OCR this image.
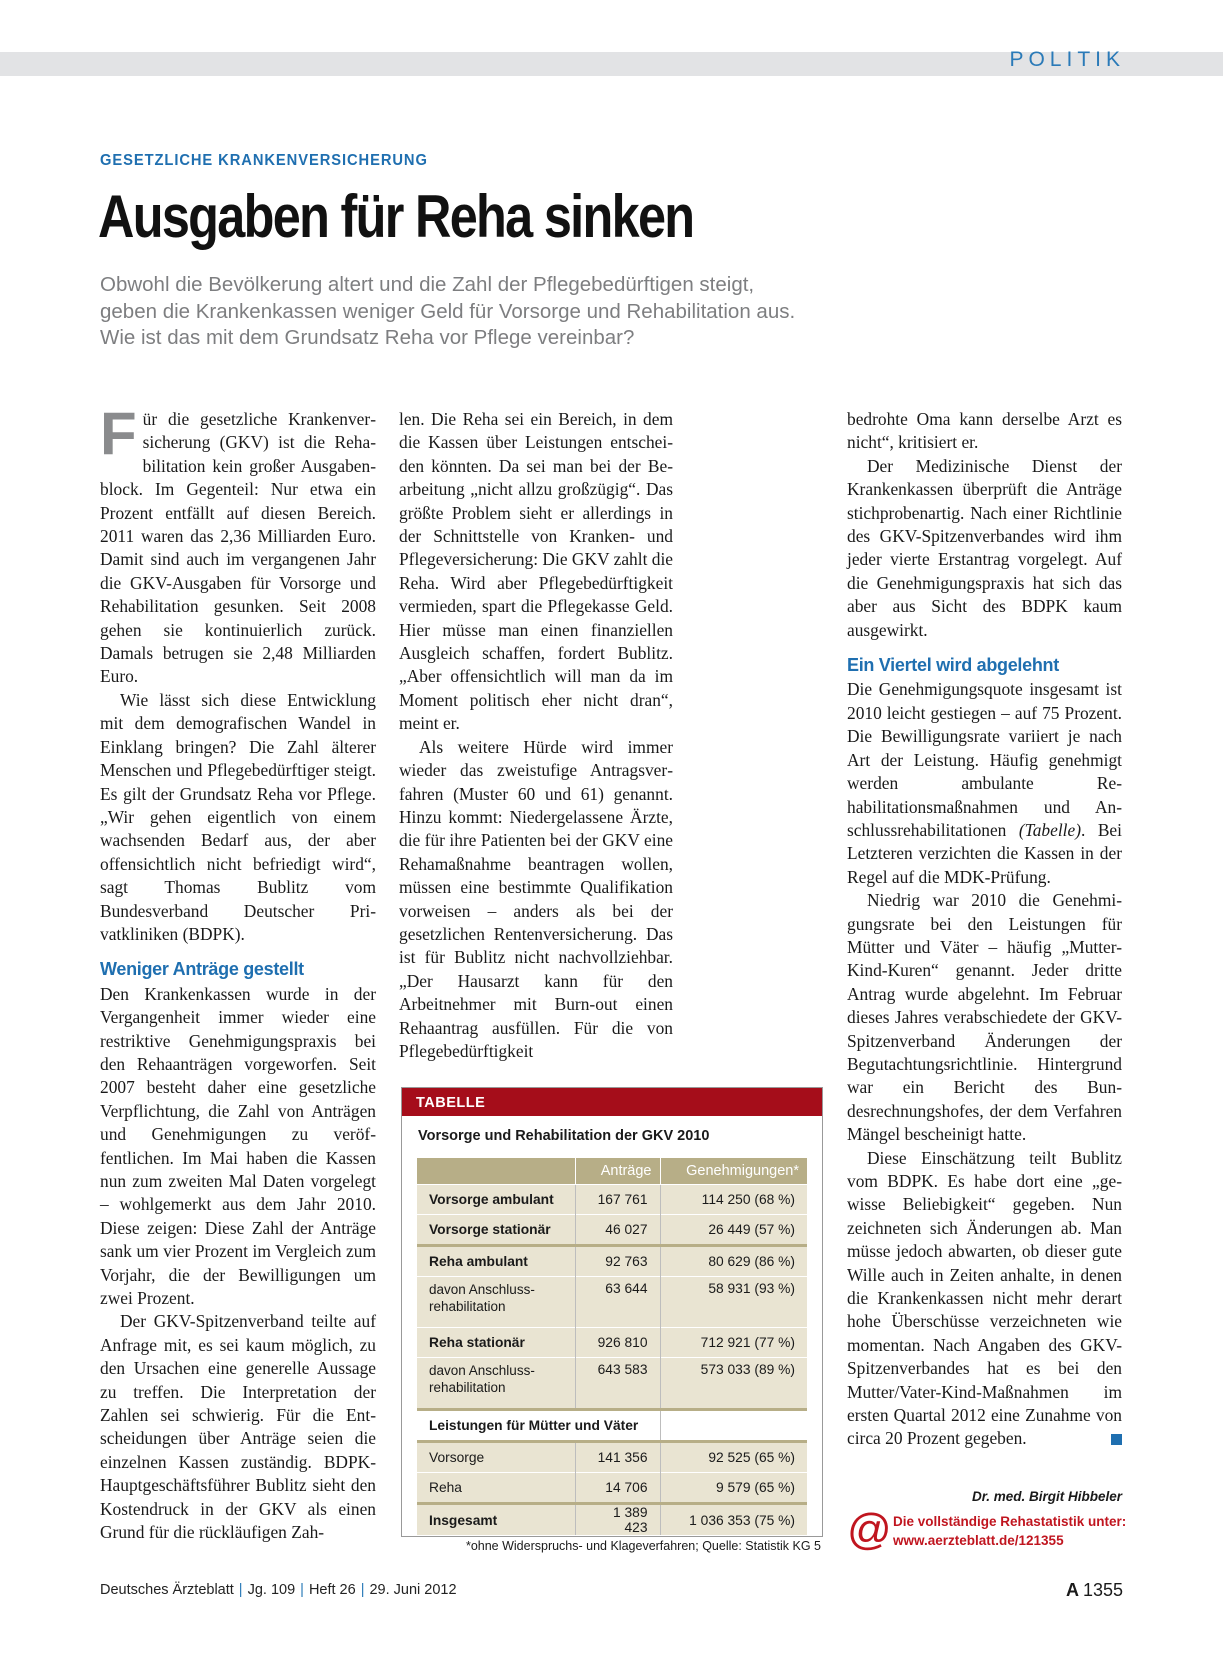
POLITIK
GESETZLICHE KRANKENVERSICHERUNG
Ausgaben für Reha sinken
Obwohl die Bevölkerung altert und die Zahl der Pflegebedürftigen steigt,
geben die Krankenkassen weniger Geld für Vorsorge und Rehabilitation aus.
Wie ist das mit dem Grundsatz Reha vor Pflege vereinbar?

Für die gesetzliche Krankenversicherung (GKV) ist die Rehabilitation kein großer Ausgabenblock. Im Gegenteil: Nur etwa ein Prozent entfällt auf diesen Bereich. 2011 waren das 2,36 Milliarden Euro. Damit sind auch im vergangenen Jahr die GKV-Ausgaben für Vorsorge und Rehabilitation gesunken. Seit 2008 gehen sie kontinuierlich zurück. Damals betrugen sie 2,48 Milliarden Euro.

Wie lässt sich diese Entwicklung mit dem demografischen Wandel in Einklang bringen? Die Zahl älterer Menschen und Pflegebedürftiger steigt. Es gilt der Grundsatz Reha vor Pflege. „Wir gehen eigentlich von einem wachsenden Bedarf aus, der aber offensichtlich nicht befriedigt wird“, sagt Thomas Bublitz vom Bundesverband Deutscher Privatkliniken (BDPK).

Weniger Anträge gestellt

Den Krankenkassen wurde in der Vergangenheit immer wieder eine restriktive Genehmigungspraxis bei den Rehaanträgen vorgeworfen. Seit 2007 besteht daher eine gesetzliche Verpflichtung, die Zahl von Anträgen und Genehmigungen zu veröffentlichen. Im Mai haben die Kassen nun zum zweiten Mal Daten vorgelegt – wohlgemerkt aus dem Jahr 2010. Diese zeigen: Diese Zahl der Anträge sank um vier Prozent im Vergleich zum Vorjahr, die der Bewilligungen um zwei Prozent.

Der GKV-Spitzenverband teilte auf Anfrage mit, es sei kaum möglich, zu den Ursachen eine generelle Aussage zu treffen. Die Interpretation der Zahlen sei schwierig. Für die Entscheidungen über Anträge seien die einzelnen Kassen zuständig. BDPK-Hauptgeschäftsführer Bublitz sieht den Kostendruck in der GKV als einen Grund für die rückläufigen Zah-

len. Die Reha sei ein Bereich, in dem die Kassen über Leistungen entscheiden könnten. Da sei man bei der Bearbeitung „nicht allzu großzügig“. Das größte Problem sieht er allerdings in der Schnittstelle von Kranken- und Pflegeversicherung: Die GKV zahlt die Reha. Wird aber Pflegebedürftigkeit vermieden, spart die Pflegekasse Geld. Hier müsse man einen finanziellen Ausgleich schaffen, fordert Bublitz. „Aber offensichtlich will man da im Moment politisch eher nicht dran“, meint er.

Als weitere Hürde wird immer wieder das zweistufige Antragsverfahren (Muster 60 und 61) genannt. Hinzu kommt: Niedergelassene Ärzte, die für ihre Patienten bei der GKV eine Rehamaßnahme beantragen wollen, müssen eine bestimmte Qualifikation vorweisen – anders als bei der gesetzlichen Rentenversicherung. Das ist für Bublitz nicht nachvollziehbar. „Der Hausarzt kann für den Arbeitnehmer mit Burn-out einen Rehaantrag ausfüllen. Für die von Pflegebedürftigkeit

TABELLE
Vorsorge und Rehabilitation der GKV 2010
	Anträge	Genehmigungen*
Vorsorge ambulant	167 761	114 250 (68 %)
Vorsorge stationär	46 027	26 449 (57 %)
Reha ambulant	92 763	80 629 (86 %)
davon Anschluss-rehabilitation	63 644	58 931 (93 %)
Reha stationär	926 810	712 921 (77 %)
davon Anschluss-rehabilitation	643 583	573 033 (89 %)
Leistungen für Mütter und Väter		
Vorsorge	141 356	92 525 (65 %)
Reha	14 706	9 579 (65 %)
Insgesamt	1 389 423	1 036 353 (75 %)
*ohne Widerspruchs- und Klageverfahren; Quelle: Statistik KG 5

bedrohte Oma kann derselbe Arzt es nicht“, kritisiert er.

Der Medizinische Dienst der Krankenkassen überprüft die Anträge stichprobenartig. Nach einer Richtlinie des GKV-Spitzenverbandes wird ihm jeder vierte Erstantrag vorgelegt. Auf die Genehmigungspraxis hat sich das aber aus Sicht des BDPK kaum ausgewirkt.

Ein Viertel wird abgelehnt

Die Genehmigungsquote insgesamt ist 2010 leicht gestiegen – auf 75 Prozent. Die Bewilligungsrate variiert je nach Art der Leistung. Häufig genehmigt werden ambulante Rehabilitationsmaßnahmen und Anschlussrehabilitationen (Tabelle). Bei Letzteren verzichten die Kassen in der Regel auf die MDK-Prüfung.

Niedrig war 2010 die Genehmigungsrate bei den Leistungen für Mütter und Väter – häufig „Mutter-Kind-Kuren“ genannt. Jeder dritte Antrag wurde abgelehnt. Im Februar dieses Jahres verabschiedete der GKV-Spitzenverband Änderungen der Begutachtungsrichtlinie. Hintergrund war ein Bericht des Bundesrechnungshofes, der dem Verfahren Mängel bescheinigt hatte.

Diese Einschätzung teilt Bublitz vom BDPK. Es habe dort eine „gewisse Beliebigkeit“ gegeben. Nun zeichneten sich Änderungen ab. Man müsse jedoch abwarten, ob dieser gute Wille auch in Zeiten anhalte, in denen die Krankenkassen nicht mehr derart hohe Überschüsse verzeichneten wie momentan. Nach Angaben des GKV-Spitzenverbandes hat es bei den Mutter/Vater-Kind-Maßnahmen im ersten Quartal 2012 eine Zunahme von circa 20 Prozent gegeben.

Dr. med. Birgit Hibbeler
@ Die vollständige Rehastatistik unter:
www.aerzteblatt.de/121355
Deutsches Ärzteblatt | Jg. 109 | Heft 26 | 29. Juni 2012	A 1355
